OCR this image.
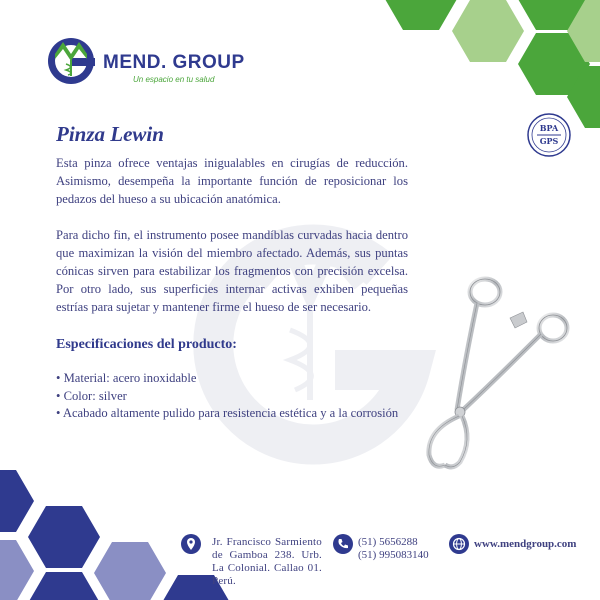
MEND. GROUP
Un espacio en tu salud
BPA
GPS
Pinza Lewin

Esta pinza ofrece ventajas inigualables en cirugías de reducción. Asimismo, desempeña la importante función de reposicionar los pedazos del hueso a su ubicación anatómica.

Para dicho fin, el instrumento posee mandíblas curvadas hacia dentro que maximizan la visión del miembro afectado. Además, sus puntas cónicas sirven para estabilizar los fragmentos con precisión excelsa. Por otro lado, sus superficies internar activas exhiben pequeñas estrías para sujetar y mantener firme el hueso de ser necesario.

Especificaciones del producto:
• Material: acero inoxidable
• Color: silver
• Acabado altamente pulido para resistencia estética y a la corrosión

Jr. Francisco Sarmiento de Gamboa 238. Urb. La Colonial. Callao 01. Perú.

(51) 5656288
(51) 995083140

www.mendgroup.com
